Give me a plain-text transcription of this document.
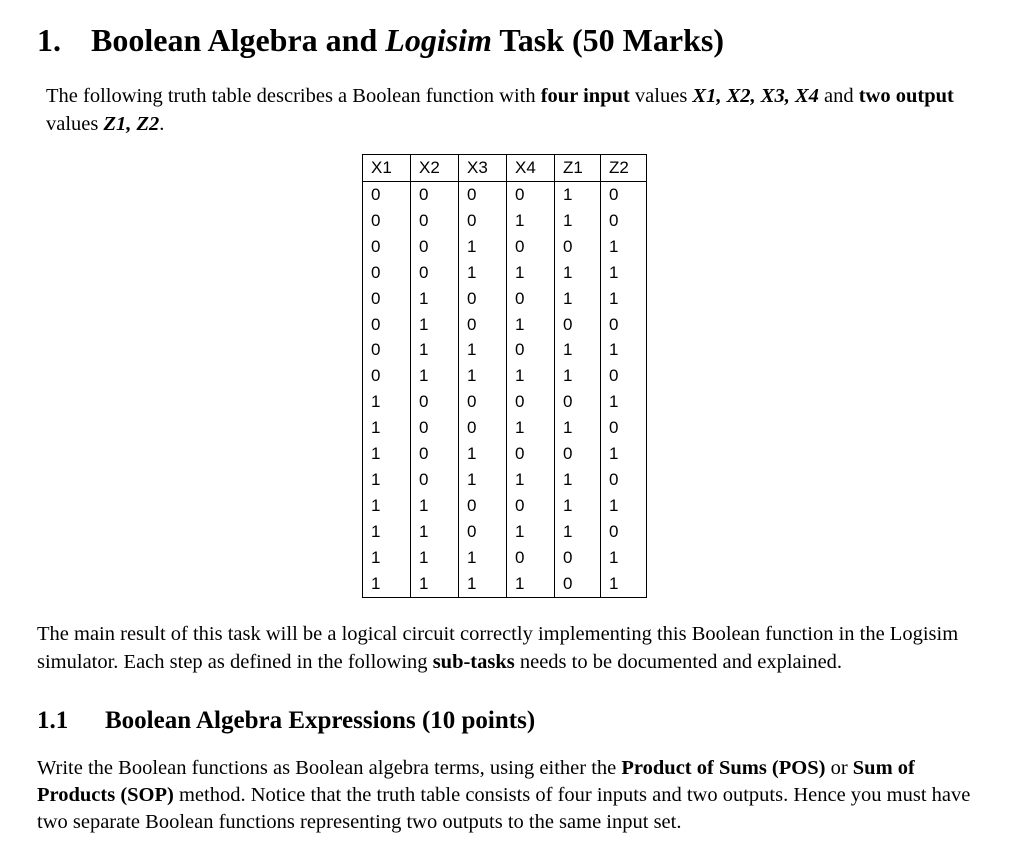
1. Boolean Algebra and Logisim Task (50 Marks)
The following truth table describes a Boolean function with four input values X1, X2, X3, X4 and two output values Z1, Z2.
X1	X2	X3	X4	Z1	Z2
0	0	0	0	1	0
0	0	0	1	1	0
0	0	1	0	0	1
0	0	1	1	1	1
0	1	0	0	1	1
0	1	0	1	0	0
0	1	1	0	1	1
0	1	1	1	1	0
1	0	0	0	0	1
1	0	0	1	1	0
1	0	1	0	0	1
1	0	1	1	1	0
1	1	0	0	1	1
1	1	0	1	1	0
1	1	1	0	0	1
1	1	1	1	0	1
The main result of this task will be a logical circuit correctly implementing this Boolean function in the Logisim simulator. Each step as defined in the following sub-tasks needs to be documented and explained.
1.1 Boolean Algebra Expressions (10 points)
Write the Boolean functions as Boolean algebra terms, using either the Product of Sums (POS) or Sum of Products (SOP) method. Notice that the truth table consists of four inputs and two outputs. Hence you must have two separate Boolean functions representing two outputs to the same input set.
